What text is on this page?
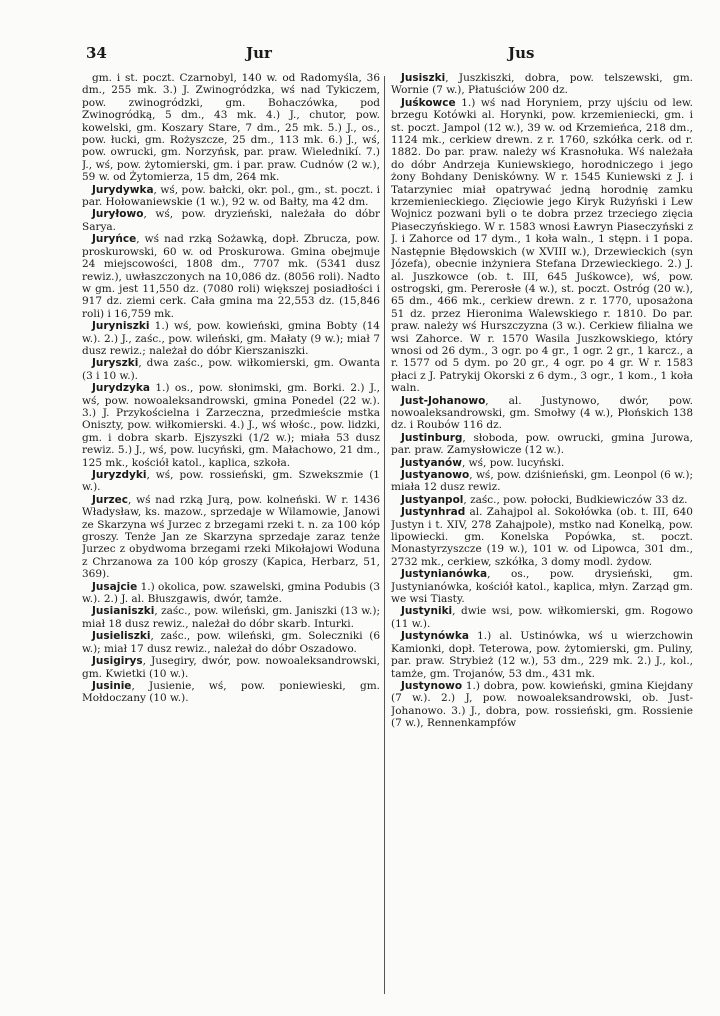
34	Jur	Jus

gm. i st. poczt. Czarnobyl, 140 w. od Radomyśla, 36 dm., 255 mk. 3.) J. Zwinogródzka, wś nad Tykiczem, pow. zwinogródzki, gm. Bohaczówka, pod Zwinogródką, 5 dm., 43 mk. 4.) J., chutor, pow. kowelski, gm. Koszary Stare, 7 dm., 25 mk. 5.) J., os., pow. łucki, gm. Rożyszcze, 25 dm., 113 mk. 6.) J., wś, pow. owrucki, gm. Norzyńsk, par. praw. Wielednikí. 7.) J., wś, pow. żytomierski, gm. i par. praw. Cudnów (2 w.), 59 w. od Żytomierza, 15 dm, 264 mk.

Jurydywka, wś, pow. bałcki, okr. pol., gm., st. poczt. i par. Hołowaniewskie (1 w.), 92 w. od Bałty, ma 42 dm.

Juryłowo, wś, pow. dryzieński, należała do dóbr Sarya.

Juryńce, wś nad rzką Sożawką, dopł. Zbrucza, pow. proskurowski, 60 w. od Proskurowa. Gmina obejmuje 24 miejscowości, 1808 dm., 7707 mk. (5341 dusz rewiz.), uwłaszczonych na 10,086 dz. (8056 roli). Nadto w gm. jest 11,550 dz. (7080 roli) większej posiadłości i 917 dz. ziemi cerk. Cała gmina ma 22,553 dz. (15,846 roli) i 16,759 mk.

Juryniszki 1.) wś, pow. kowieński, gmina Bobty (14 w.). 2.) J., zaśc., pow. wileński, gm. Małaty (9 w.); miał 7 dusz rewiz.; należał do dóbr Kierszaniszki.

Juryszki, dwa zaśc., pow. wiłkomierski, gm. Owanta (3 i 10 w.).

Jurydzyka 1.) os., pow. słonimski, gm. Borki. 2.) J., wś, pow. nowoaleksandrowski, gmina Ponedel (22 w.). 3.) J. Przykościelna i Zarzeczna, przedmieście mstka Oniszty, pow. wiłkomierski. 4.) J., wś włośc., pow. lidzki, gm. i dobra skarb. Ejszyszki (1/2 w.); miała 53 dusz rewiz. 5.) J., wś, pow. lucyński, gm. Małachowo, 21 dm., 125 mk., kościół katol., kaplica, szkoła.

Juryzdyki, wś, pow. rossieński, gm. Szwekszmie (1 w.).

Jurzec, wś nad rzką Jurą, pow. kolneński. W r. 1436 Władysław, ks. mazow., sprzedaje w Wilamowie, Janowi ze Skarzyna wś Jurzec z brzegami rzeki t. n. za 100 kóp groszy. Tenże Jan ze Skarzyna sprzedaje zaraz tenże Jurzec z obydwoma brzegami rzeki Mikołajowi Woduna z Chrzanowa za 100 kóp groszy (Kapica, Herbarz, 51, 369).

Jusajcie 1.) okolica, pow. szawelski, gmina Podubis (3 w.). 2.) J. al. Błuszgawis, dwór, tamże.

Jusianiszki, zaśc., pow. wileński, gm. Janiszki (13 w.); miał 18 dusz rewiz., należał do dóbr skarb. Inturki.

Jusieliszki, zaśc., pow. wileński, gm. Soleczniki (6 w.); miał 17 dusz rewiz., należał do dóbr Oszadowo.

Jusigirys, Jusegiry, dwór, pow. nowoaleksandrowski, gm. Kwietki (10 w.).

Jusinie, Jusienie, wś, pow. poniewieski, gm. Mołdoczany (10 w.).

Jusiszki, Juszkiszki, dobra, pow. telszewski, gm. Wornie (7 w.), Płatuściów 200 dz.

Juśkowce 1.) wś nad Horyniem, przy ujściu od lew. brzegu Kotówki al. Horynki, pow. krzemieniecki, gm. i st. poczt. Jampol (12 w.), 39 w. od Krzemieńca, 218 dm., 1124 mk., cerkiew drewn. z r. 1760, szkółka cerk. od r. 1882. Do par. praw. należy wś Krasnołuka. Wś należała do dóbr Andrzeja Kuniewskiego, horodniczego i jego żony Bohdany Deniskówny. W r. 1545 Kuniewski z J. i Tatarzyniec miał opatrywać jedną horodnię zamku krzemienieckiego. Zięciowie jego Kiryk Rużyński i Lew Wojnicz pozwani byli o te dobra przez trzeciego zięcia Piaseczyńskiego. W r. 1583 wnosi Ławryn Piaseczyński z J. i Zahorce od 17 dym., 1 koła waln., 1 stępn. i 1 popa. Następnie Błędowskich (w XVIII w.), Drzewieckich (syn Józefa), obecnie inżyniera Stefana Drzewieckiego. 2.) J. al. Juszkowce (ob. t. III, 645 Juśkowce), wś, pow. ostrogski, gm. Pererosłe (4 w.), st. poczt. Ostróg (20 w.), 65 dm., 466 mk., cerkiew drewn. z r. 1770, uposażona 51 dz. przez Hieronima Walewskiego r. 1810. Do par. praw. należy wś Hurszczyzna (3 w.). Cerkiew filialna we wsi Zahorce. W r. 1570 Wasila Juszkowskiego, który wnosi od 26 dym., 3 ogr. po 4 gr., 1 ogr. 2 gr., 1 karcz., a r. 1577 od 5 dym. po 20 gr., 4 ogr. po 4 gr. W r. 1583 płaci z J. Patrykij Okorski z 6 dym., 3 ogr., 1 kom., 1 koła waln.

Just-Johanowo, al. Justynowo, dwór, pow. nowoaleksandrowski, gm. Smołwy (4 w.), Płońskich 138 dz. i Roubów 116 dz.

Justinburg, słoboda, pow. owrucki, gmina Jurowa, par. praw. Zamysłowicze (12 w.).

Justyanów, wś, pow. lucyński.

Justyanowo, wś, pow. dziśnieński, gm. Leonpol (6 w.); miała 12 dusz rewiz.

Justyanpol, zaśc., pow. połocki, Budkiewiczów 33 dz.

Justynhrad al. Zahajpol al. Sokołówka (ob. t. III, 640 Justyn i t. XIV, 278 Zahajpole), mstko nad Konelką, pow. lipowiecki. gm. Konelska Popówka, st. poczt. Monastyrzyszcze (19 w.), 101 w. od Lipowca, 301 dm., 2732 mk., cerkiew, szkółka, 3 domy modl. żydow.

Justynianówka, os., pow. drysieński, gm. Justynianówka, kościół katol., kaplica, młyn. Zarząd gm. we wsi Tiasty.

Justyniki, dwie wsi, pow. wiłkomierski, gm. Rogowo (11 w.).

Justynówka 1.) al. Ustinówka, wś u wierzchowin Kamionki, dopł. Teterowa, pow. żytomierski, gm. Puliny, par. praw. Strybież (12 w.), 53 dm., 229 mk. 2.) J., kol., tamże, gm. Trojanów, 53 dm., 431 mk.

Justynowo 1.) dobra, pow. kowieński, gmina Kiejdany (7 w.). 2.) J, pow. nowoaleksandrowski, ob. Just-Johanowo. 3.) J., dobra, pow. rossieński, gm. Rossienie (7 w.), Rennenkampfów
